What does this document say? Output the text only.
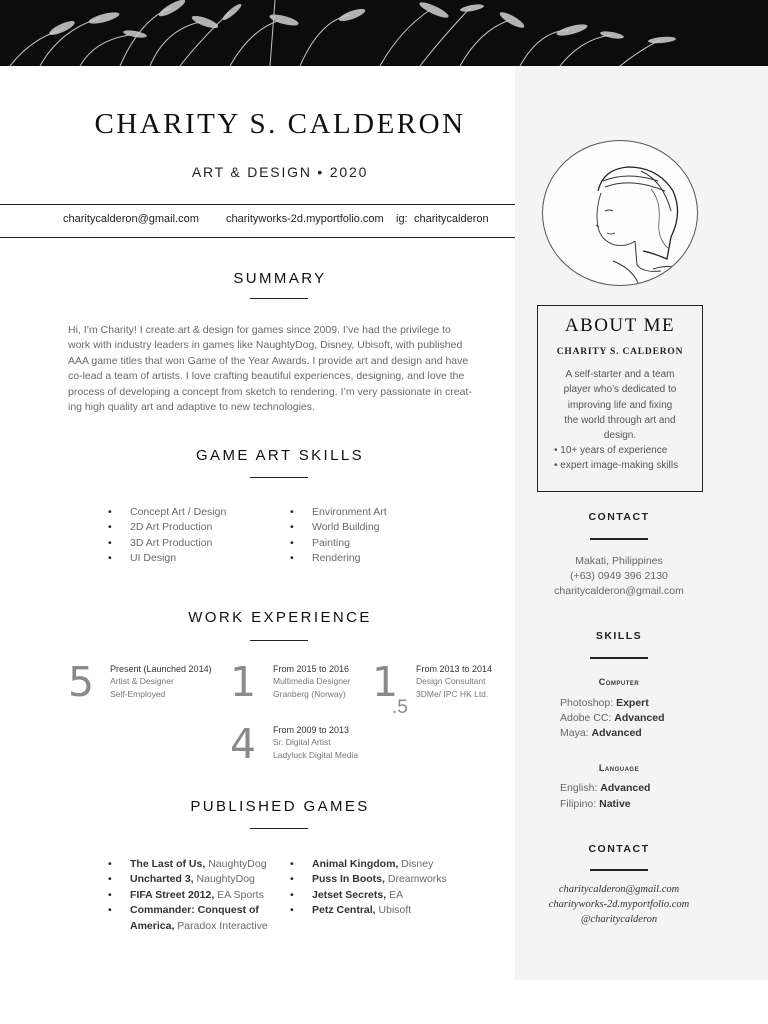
CHARITY S. CALDERON
ART & DESIGN • 2020
charitycalderon@gmail.com charityworks-2d.myportfolio.com ig: charitycalderon
SUMMARY
Hi, I’m Charity! I create art & design for games since 2009. I’ve had the privilege to
work with industry leaders in games like NaughtyDog, Disney, Ubisoft, with published
AAA game titles that won Game of the Year Awards. I provide art and design and have
co-lead a team of artists. I love crafting beautiful experiences, designing, and love the
process of developing a concept from sketch to rendering. I’m very passionate in creat-
ing high quality art and adaptive to new technologies.
GAME ART SKILLS
• Concept Art / Design
• 2D Art Production
• 3D Art Production
• UI Design
• Environment Art
• World Building
• Painting
• Rendering
WORK EXPERIENCE
5 Present (Launched 2014)
Artist & Designer
Self-Employed 1 From 2015 to 2016
Multimedia Designer
Granberg (Norway) 1
.5
From 2013 to 2014
Design Consultant
3DMe/ IPC HK Ltd.
4 From 2009 to 2013
Sr. Digital Artist
Ladyluck Digital Media
PUBLISHED GAMES
• The Last of Us, NaughtyDog
• Uncharted 3, NaughtyDog
• FIFA Street 2012, EA Sports
• Commander: Conquest of America, Paradox Interactive
• Animal Kingdom, Disney
• Puss In Boots, Dreamworks
• Jetset Secrets, EA
• Petz Central, Ubisoft
ABOUT ME
CHARITY S. CALDERON
A self-starter and a team
player who’s dedicated to
improving life and fixing
the world through art and
design.
• 10+ years of experience
• expert image-making skills
CONTACT
Makati, Philippines
(+63) 0949 396 2130
charitycalderon@gmail.com
SKILLS
Computer
Photoshop: Expert
Adobe CC: Advanced
Maya: Advanced
Language
English: Advanced
Filipino: Native
CONTACT
charitycalderon@gmail.com
charityworks-2d.myportfolio.com
@charitycalderon
